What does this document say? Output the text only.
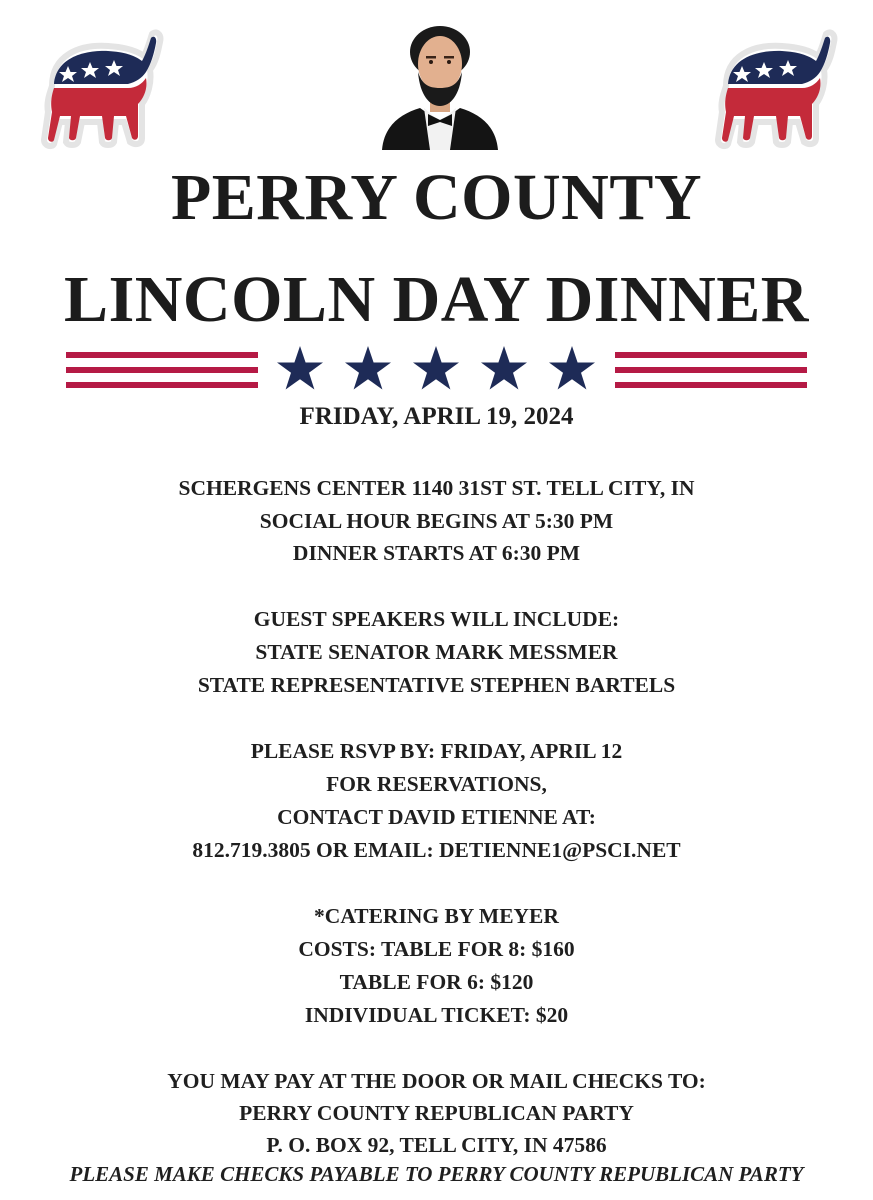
PERRY COUNTY
LINCOLN DAY DINNER
FRIDAY, APRIL 19, 2024
SCHERGENS CENTER 1140 31ST ST. TELL CITY, IN
SOCIAL HOUR BEGINS AT 5:30 PM
DINNER STARTS AT 6:30 PM
GUEST SPEAKERS WILL INCLUDE:
STATE SENATOR MARK MESSMER
STATE REPRESENTATIVE STEPHEN BARTELS
PLEASE RSVP BY: FRIDAY, APRIL 12
FOR RESERVATIONS,
CONTACT DAVID ETIENNE AT:
812.719.3805 OR EMAIL: DETIENNE1@PSCI.NET
*CATERING BY MEYER
COSTS: TABLE FOR 8: $160
TABLE FOR 6: $120
INDIVIDUAL TICKET: $20
YOU MAY PAY AT THE DOOR OR MAIL CHECKS TO:
PERRY COUNTY REPUBLICAN PARTY
P. O. BOX 92, TELL CITY, IN 47586
PLEASE MAKE CHECKS PAYABLE TO PERRY COUNTY REPUBLICAN PARTY
